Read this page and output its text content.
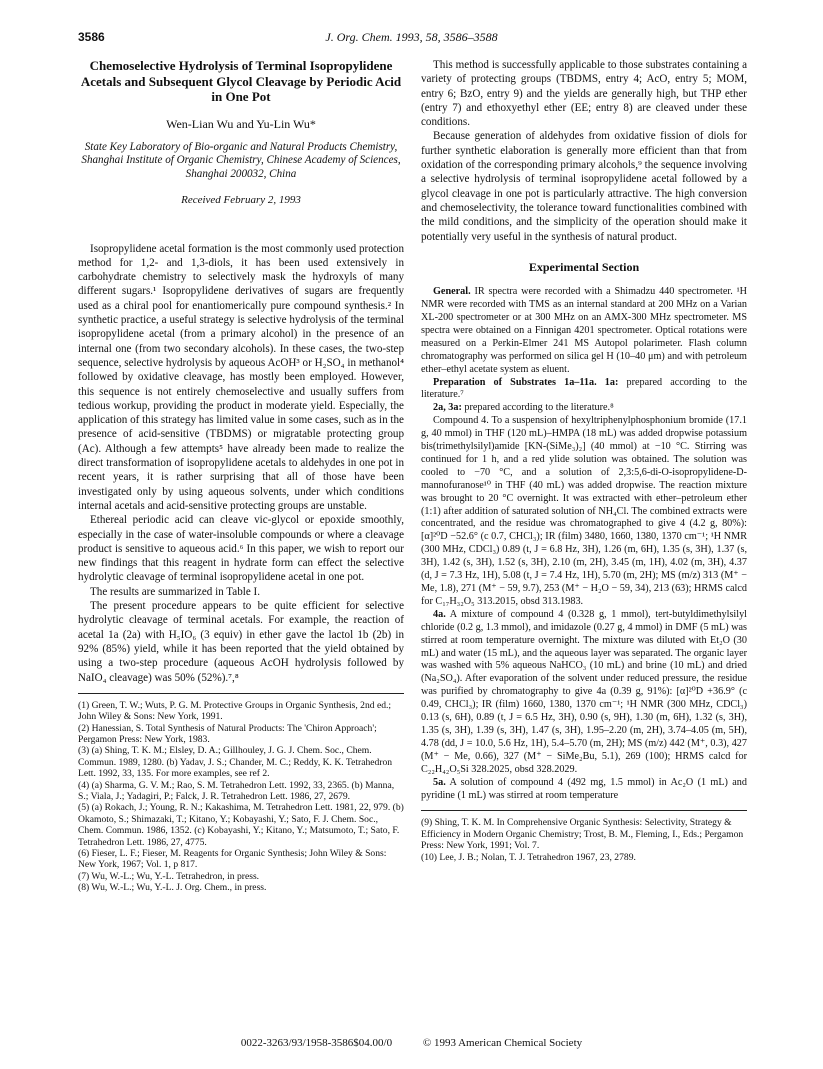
3586	J. Org. Chem. 1993, 58, 3586–3588
Chemoselective Hydrolysis of Terminal Isopropylidene Acetals and Subsequent Glycol Cleavage by Periodic Acid in One Pot
Wen-Lian Wu and Yu-Lin Wu*
State Key Laboratory of Bio-organic and Natural Products Chemistry, Shanghai Institute of Organic Chemistry, Chinese Academy of Sciences, Shanghai 200032, China
Received February 2, 1993

Isopropylidene acetal formation is the most commonly used protection method for 1,2- and 1,3-diols, it has been used extensively in carbohydrate chemistry to selectively mask the hydroxyls of many different sugars.¹ Isopropylidene derivatives of sugars are frequently used as a chiral pool for enantiomerically pure compound synthesis.² In synthetic practice, a useful strategy is selective hydrolysis of the terminal isopropylidene acetal (from a primary alcohol) in the presence of an internal one (from two secondary alcohols). In these cases, the two-step sequence, selective hydrolysis by aqueous AcOH³ or H₂SO₄ in methanol⁴ followed by oxidative cleavage, has mostly been employed. However, this sequence is not entirely chemoselective and usually suffers from tedious workup, providing the product in moderate yield. Especially, the application of this strategy has limited value in some cases, such as in the presence of acid-sensitive (TBDMS) or migratable protecting group (Ac). Although a few attempts⁵ have already been made to realize the direct transformation of isopropylidene acetals to aldehydes in one pot in recent years, it is rather surprising that all of those have been investigated only by using aqueous solvents, under which conditions internal acetals and acid-sensitive protecting groups are unstable.

Ethereal periodic acid can cleave vic-glycol or epoxide smoothly, especially in the case of water-insoluble compounds or where a cleavage product is sensitive to aqueous acid.⁶ In this paper, we wish to report our new findings that this reagent in hydrate form can effect the selective hydrolytic cleavage of terminal isopropylidene acetal in one pot.

The results are summarized in Table I.

The present procedure appears to be quite efficient for selective hydrolytic cleavage of terminal acetals. For example, the reaction of acetal 1a (2a) with H₅IO₆ (3 equiv) in ether gave the lactol 1b (2b) in 92% (85%) yield, while it has been reported that the yield obtained by using a two-step procedure (aqueous AcOH hydrolysis followed by NaIO₄ cleavage) was 50% (52%).⁷,⁸

(1) Green, T. W.; Wuts, P. G. M. Protective Groups in Organic Synthesis, 2nd ed.; John Wiley & Sons: New York, 1991.
(2) Hanessian, S. Total Synthesis of Natural Products: The 'Chiron Approach'; Pergamon Press: New York, 1983.
(3) (a) Shing, T. K. M.; Elsley, D. A.; Gillhouley, J. G. J. Chem. Soc., Chem. Commun. 1989, 1280. (b) Yadav, J. S.; Chander, M. C.; Reddy, K. K. Tetrahedron Lett. 1992, 33, 135. For more examples, see ref 2.
(4) (a) Sharma, G. V. M.; Rao, S. M. Tetrahedron Lett. 1992, 33, 2365. (b) Manna, S.; Viala, J.; Yadagiri, P.; Falck, J. R. Tetrahedron Lett. 1986, 27, 2679.
(5) (a) Rokach, J.; Young, R. N.; Kakashima, M. Tetrahedron Lett. 1981, 22, 979. (b) Okamoto, S.; Shimazaki, T.; Kitano, Y.; Kobayashi, Y.; Sato, F. J. Chem. Soc., Chem. Commun. 1986, 1352. (c) Kobayashi, Y.; Kitano, Y.; Matsumoto, T.; Sato, F. Tetrahedron Lett. 1986, 27, 4775.
(6) Fieser, L. F.; Fieser, M. Reagents for Organic Synthesis; John Wiley & Sons: New York, 1967; Vol. 1, p 817.
(7) Wu, W.-L.; Wu, Y.-L. Tetrahedron, in press.
(8) Wu, W.-L.; Wu, Y.-L. J. Org. Chem., in press.

This method is successfully applicable to those substrates containing a variety of protecting groups (TBDMS, entry 4; AcO, entry 5; MOM, entry 6; BzO, entry 9) and the yields are generally high, but THP ether (entry 7) and ethoxyethyl ether (EE; entry 8) are cleaved under these conditions.

Because generation of aldehydes from oxidative fission of diols for further synthetic elaboration is generally more efficient than that from oxidation of the corresponding primary alcohols,⁹ the sequence involving a selective hydrolysis of terminal isopropylidene acetal followed by a glycol cleavage in one pot is particularly attractive. The high conversion and chemoselectivity, the tolerance toward functionalities combined with the mild conditions, and the simplicity of the operation should make it potentially very useful in the synthesis of natural product.

Experimental Section

General. IR spectra were recorded with a Shimadzu 440 spectrometer. ¹H NMR were recorded with TMS as an internal standard at 200 MHz on a Varian XL-200 spectrometer or at 300 MHz on an AMX-300 MHz spectrometer. MS spectra were obtained on a Finnigan 4201 spectrometer. Optical rotations were measured on a Perkin-Elmer 241 MS Autopol polarimeter. Flash column chromatography was performed on silica gel H (10–40 μm) and with petroleum ether–ethyl acetate system as eluent.

Preparation of Substrates 1a–11a. 1a: prepared according to the literature.⁷

2a, 3a: prepared according to the literature.⁸

Compound 4. To a suspension of hexyltriphenylphosphonium bromide (17.1 g, 40 mmol) in THF (120 mL)–HMPA (18 mL) was added dropwise potassium bis(trimethylsilyl)amide [KN-(SiMe₃)₂] (40 mmol) at −10 °C. Stirring was continued for 1 h, and a red ylide solution was obtained. The solution was cooled to −70 °C, and a solution of 2,3:5,6-di-O-isopropylidene-D-mannofuranose¹⁰ in THF (40 mL) was added dropwise. The reaction mixture was brought to 20 °C overnight. It was extracted with ether–petroleum ether (1:1) after addition of saturated solution of NH₄Cl. The combined extracts were concentrated, and the residue was chromatographed to give 4 (4.2 g, 80%): [α]²⁰D −52.6° (c 0.7, CHCl₃); IR (film) 3480, 1660, 1380, 1370 cm⁻¹; ¹H NMR (300 MHz, CDCl₃) 0.89 (t, J = 6.8 Hz, 3H), 1.26 (m, 6H), 1.35 (s, 3H), 1.37 (s, 3H), 1.42 (s, 3H), 1.52 (s, 3H), 2.10 (m, 2H), 3.45 (m, 1H), 4.02 (m, 3H), 4.37 (d, J = 7.3 Hz, 1H), 5.08 (t, J = 7.4 Hz, 1H), 5.70 (m, 2H); MS (m/z) 313 (M⁺ − Me, 1.8), 271 (M⁺ − 59, 9.7), 253 (M⁺ − H₂O − 59, 34), 213 (63); HRMS calcd for C₁₇H₃₂O₅ 313.2015, obsd 313.1983.

4a. A mixture of compound 4 (0.328 g, 1 mmol), tert-butyldimethylsilyl chloride (0.2 g, 1.3 mmol), and imidazole (0.27 g, 4 mmol) in DMF (5 mL) was stirred at room temperature overnight. The mixture was diluted with Et₂O (30 mL) and water (15 mL), and the aqueous layer was separated. The organic layer was washed with 5% aqueous NaHCO₃ (10 mL) and brine (10 mL) and dried (Na₂SO₄). After evaporation of the solvent under reduced pressure, the residue was purified by chromatography to give 4a (0.39 g, 91%): [α]²⁰D +36.9° (c 0.49, CHCl₃); IR (film) 1660, 1380, 1370 cm⁻¹; ¹H NMR (300 MHz, CDCl₃) 0.13 (s, 6H), 0.89 (t, J = 6.5 Hz, 3H), 0.90 (s, 9H), 1.30 (m, 6H), 1.32 (s, 3H), 1.35 (s, 3H), 1.39 (s, 3H), 1.47 (s, 3H), 1.95–2.20 (m, 2H), 3.74–4.05 (m, 5H), 4.78 (dd, J = 10.0, 5.6 Hz, 1H), 5.4–5.70 (m, 2H); MS (m/z) 442 (M⁺, 0.3), 427 (M⁺ − Me, 0.66), 327 (M⁺ − SiMe₂Bu, 5.1), 269 (100); HRMS calcd for C₂₂H₄₂O₅Si 328.2025, obsd 328.2029.

5a. A solution of compound 4 (492 mg, 1.5 mmol) in Ac₂O (1 mL) and pyridine (1 mL) was stirred at room temperature

(9) Shing, T. K. M. In Comprehensive Organic Synthesis: Selectivity, Strategy & Efficiency in Modern Organic Chemistry; Trost, B. M., Fleming, I., Eds.; Pergamon Press: New York, 1991; Vol. 7.
(10) Lee, J. B.; Nolan, T. J. Tetrahedron 1967, 23, 2789.
0022-3263/93/1958-3586$04.00/0	© 1993 American Chemical Society
